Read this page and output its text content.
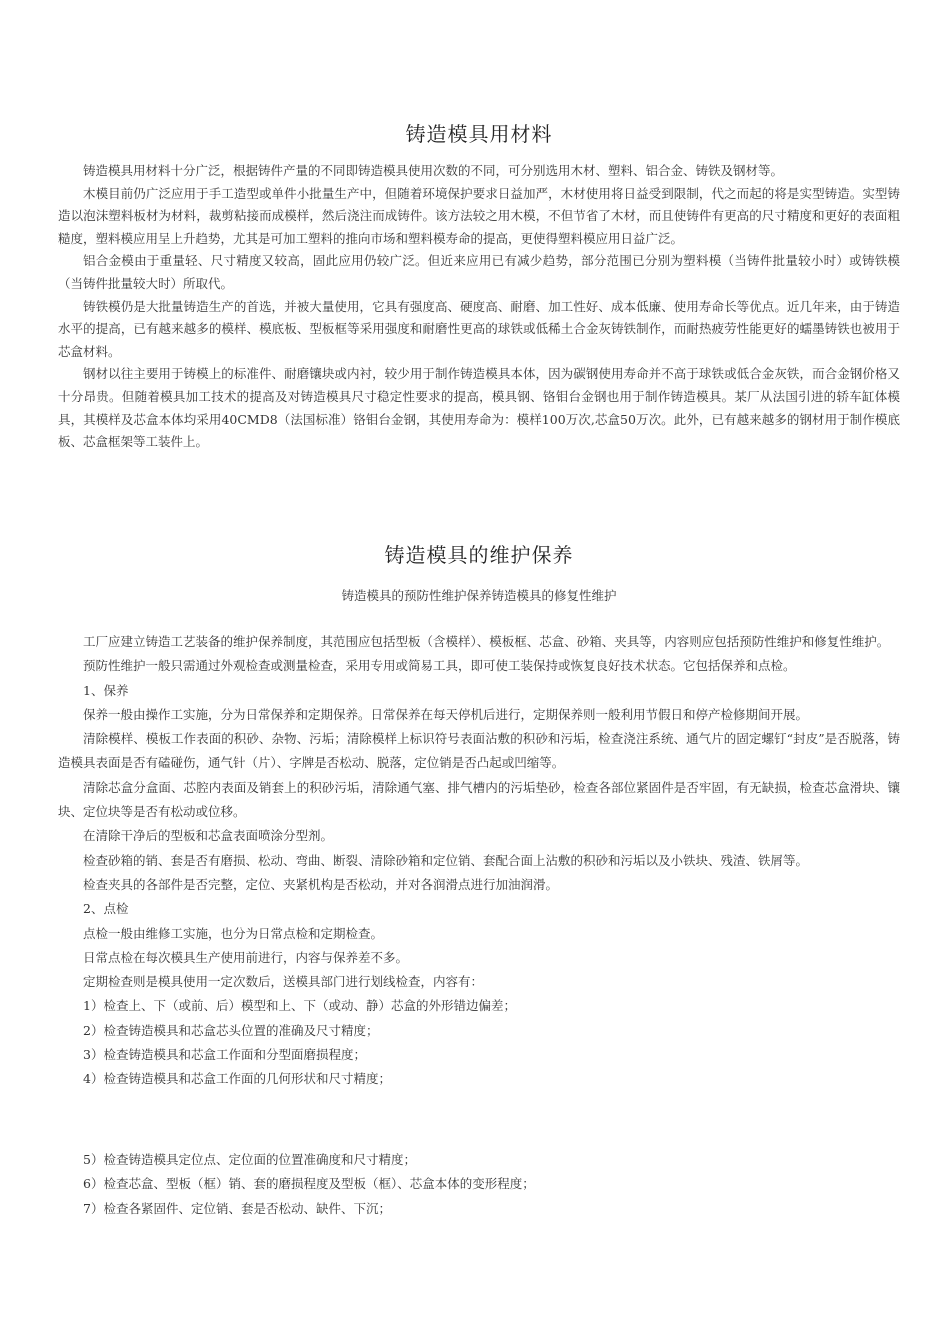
铸造模具用材料

铸造模具用材料十分广泛，根据铸件产量的不同即铸造模具使用次数的不同，可分别选用木材、塑料、铝合金、铸铁及钢材等。

木模目前仍广泛应用于手工造型或单件小批量生产中，但随着环境保护要求日益加严，木材使用将日益受到限制，代之而起的将是实型铸造。实型铸造以泡沫塑料板材为材料，裁剪粘接而成模样，然后浇注而成铸件。该方法较之用木模，不但节省了木材，而且使铸件有更高的尺寸精度和更好的表面粗糙度，塑料模应用呈上升趋势，尤其是可加工塑料的推向市场和塑料模寿命的提高，更使得塑料模应用日益广泛。

铝合金模由于重量轻、尺寸精度又较高，固此应用仍较广泛。但近来应用已有减少趋势，部分范围已分别为塑料模（当铸件批量较小时）或铸铁模（当铸件批量较大时）所取代。

铸铁模仍是大批量铸造生产的首选，并被大量使用，它具有强度高、硬度高、耐磨、加工性好、成本低廉、使用寿命长等优点。近几年来，由于铸造水平的提高，已有越来越多的模样、模底板、型板框等采用强度和耐磨性更高的球铁或低稀土合金灰铸铁制作，而耐热疲劳性能更好的蠕墨铸铁也被用于芯盒材料。

钢材以往主要用于铸模上的标准件、耐磨镶块或内衬，较少用于制作铸造模具本体，因为碳钢使用寿命并不高于球铁或低合金灰铁，而合金钢价格又十分昂贵。但随着模具加工技术的提高及对铸造模具尺寸稳定性要求的提高，模具钢、铬钼台金钢也用于制作铸造模具。某厂从法国引进的轿车缸体模具，其模样及芯盒本体均采用40CMD8（法国标准）铬钼台金钢，其使用寿命为：模样100万次,芯盒50万次。此外，已有越来越多的钢材用于制作模底板、芯盒框架等工装件上。

铸造模具的维护保养
铸造模具的预防性维护保养铸造模具的修复性维护

工厂应建立铸造工艺装备的维护保养制度，其范围应包括型板（含模样）、模板框、芯盒、砂箱、夹具等，内容则应包括预防性维护和修复性维护。

预防性维护一般只需通过外观检查或测量检查，采用专用或简易工具，即可使工装保持或恢复良好技术状态。它包括保养和点检。

1、保养

保养一般由操作工实施，分为日常保养和定期保养。日常保养在每天停机后进行，定期保养则一般利用节假日和停产检修期间开展。

清除模样、模板工作表面的积砂、杂物、污垢；清除模样上标识符号表面沾敷的积砂和污垢，检查浇注系统、通气片的固定螺钉“封皮”是否脱落，铸造模具表面是否有磕碰伤，通气针（片）、字牌是否松动、脱落，定位销是否凸起或凹缩等。

清除芯盒分盒面、芯腔内表面及销套上的积砂污垢，清除通气塞、排气槽内的污垢垫砂，检查各部位紧固件是否牢固，有无缺损，检查芯盒滑块、镶块、定位块等是否有松动或位移。

在清除干净后的型板和芯盒表面喷涂分型剂。

检查砂箱的销、套是否有磨损、松动、弯曲、断裂、清除砂箱和定位销、套配合面上沾敷的积砂和污垢以及小铁块、残渣、铁屑等。

检查夹具的各部件是否完整，定位、夹紧机构是否松动，并对各润滑点进行加油润滑。

2、点检

点检一般由维修工实施，也分为日常点检和定期检查。

日常点检在每次模具生产使用前进行，内容与保养差不多。

定期检查则是模具使用一定次数后，送模具部门进行划线检查，内容有：

1）检查上、下（或前、后）模型和上、下（或动、静）芯盒的外形错边偏差；

2）检查铸造模具和芯盒芯头位置的准确及尺寸精度；

3）检查铸造模具和芯盒工作面和分型面磨损程度；

4）检查铸造模具和芯盒工作面的几何形状和尺寸精度；

5）检查铸造模具定位点、定位面的位置准确度和尺寸精度；

6）检查芯盒、型板（框）销、套的磨损程度及型板（框）、芯盒本体的变形程度；

7）检查各紧固件、定位销、套是否松动、缺件、下沉；
